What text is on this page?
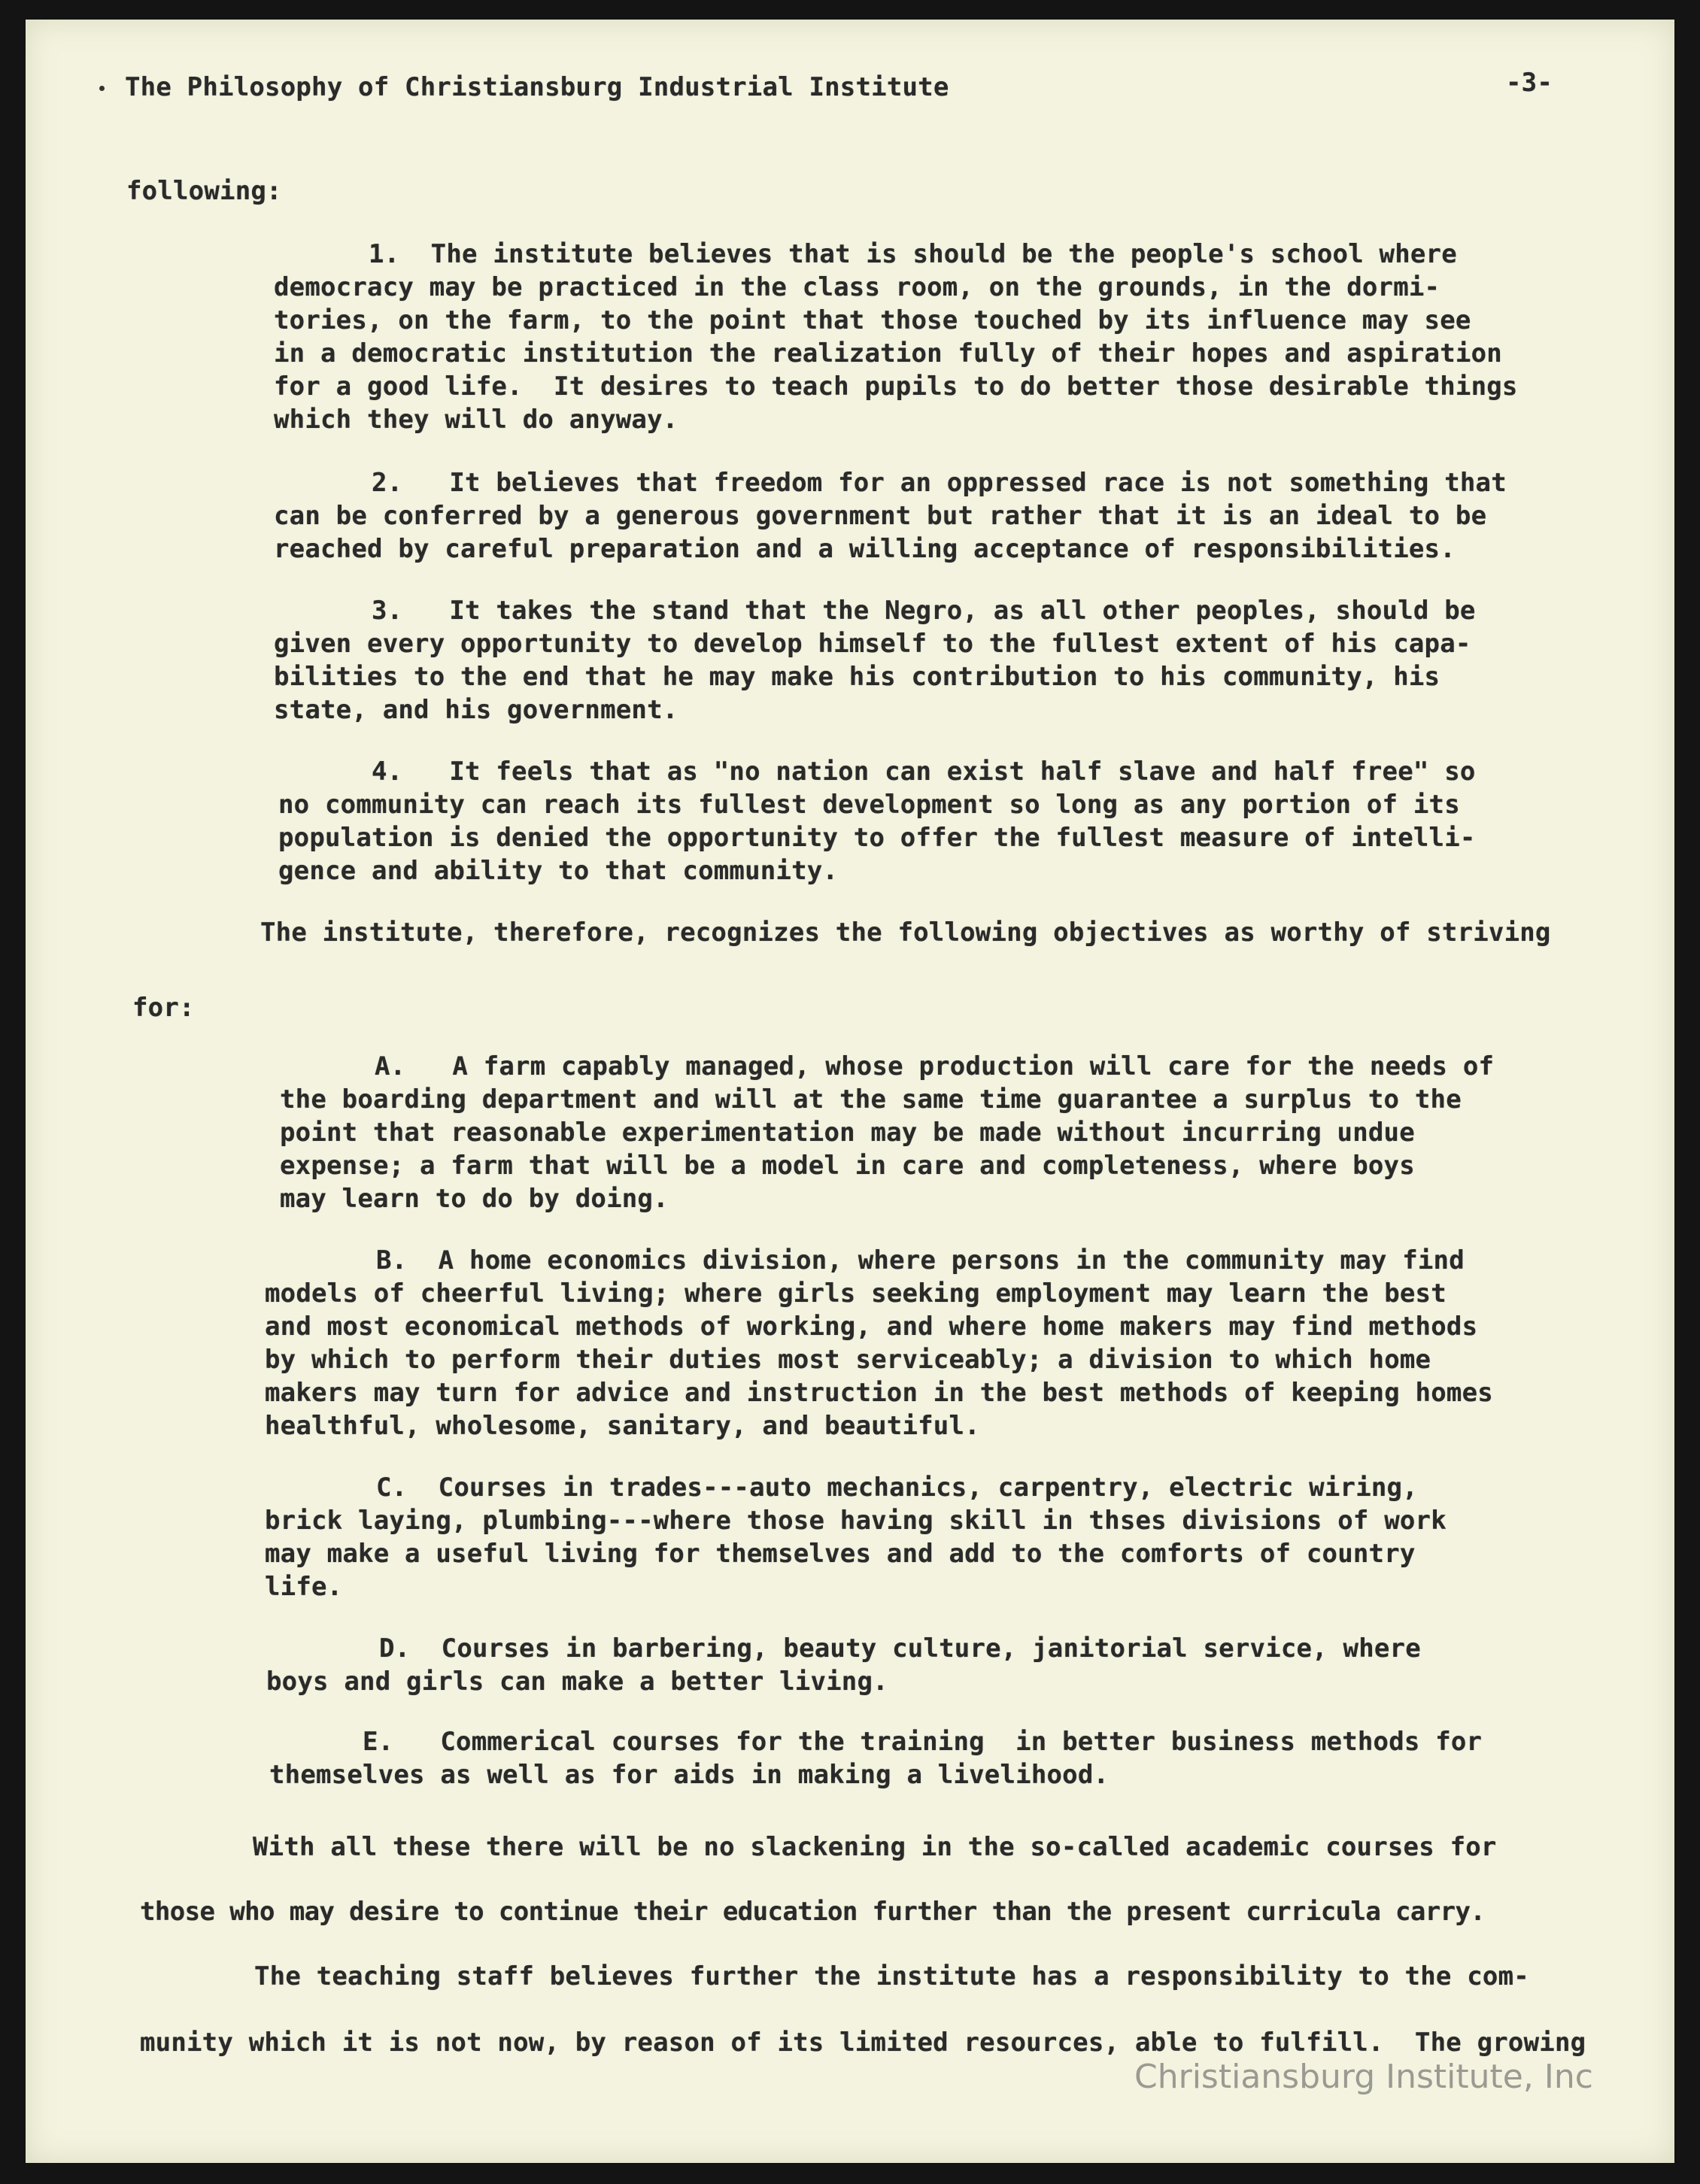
The Philosophy of Christiansburg Industrial Institute	-3-
following:
1.  The institute believes that is should be the people's school where
democracy may be practiced in the class room, on the grounds, in the dormi-
tories, on the farm, to the point that those touched by its influence may see
in a democratic institution the realization fully of their hopes and aspiration
for a good life.  It desires to teach pupils to do better those desirable things
which they will do anyway.
2.   It believes that freedom for an oppressed race is not something that
can be conferred by a generous government but rather that it is an ideal to be
reached by careful preparation and a willing acceptance of responsibilities.
3.   It takes the stand that the Negro, as all other peoples, should be
given every opportunity to develop himself to the fullest extent of his capa-
bilities to the end that he may make his contribution to his community, his
state, and his government.
4.   It feels that as "no nation can exist half slave and half free" so
no community can reach its fullest development so long as any portion of its
population is denied the opportunity to offer the fullest measure of intelli-
gence and ability to that community.
The institute, therefore, recognizes the following objectives as worthy of striving
for:
A.   A farm capably managed, whose production will care for the needs of
the boarding department and will at the same time guarantee a surplus to the
point that reasonable experimentation may be made without incurring undue
expense; a farm that will be a model in care and completeness, where boys
may learn to do by doing.
B.  A home economics division, where persons in the community may find
models of cheerful living; where girls seeking employment may learn the best
and most economical methods of working, and where home makers may find methods
by which to perform their duties most serviceably; a division to which home
makers may turn for advice and instruction in the best methods of keeping homes
healthful, wholesome, sanitary, and beautiful.
C.  Courses in trades---auto mechanics, carpentry, electric wiring,
brick laying, plumbing---where those having skill in thses divisions of work
may make a useful living for themselves and add to the comforts of country
life.
D.  Courses in barbering, beauty culture, janitorial service, where
boys and girls can make a better living.
E.   Commerical courses for the training  in better business methods for
themselves as well as for aids in making a livelihood.
With all these there will be no slackening in the so-called academic courses for
those who may desire to continue their education further than the present curricula carry.
The teaching staff believes further the institute has a responsibility to the com-
munity which it is not now, by reason of its limited resources, able to fulfill.  The growing
Christiansburg Institute, Inc
